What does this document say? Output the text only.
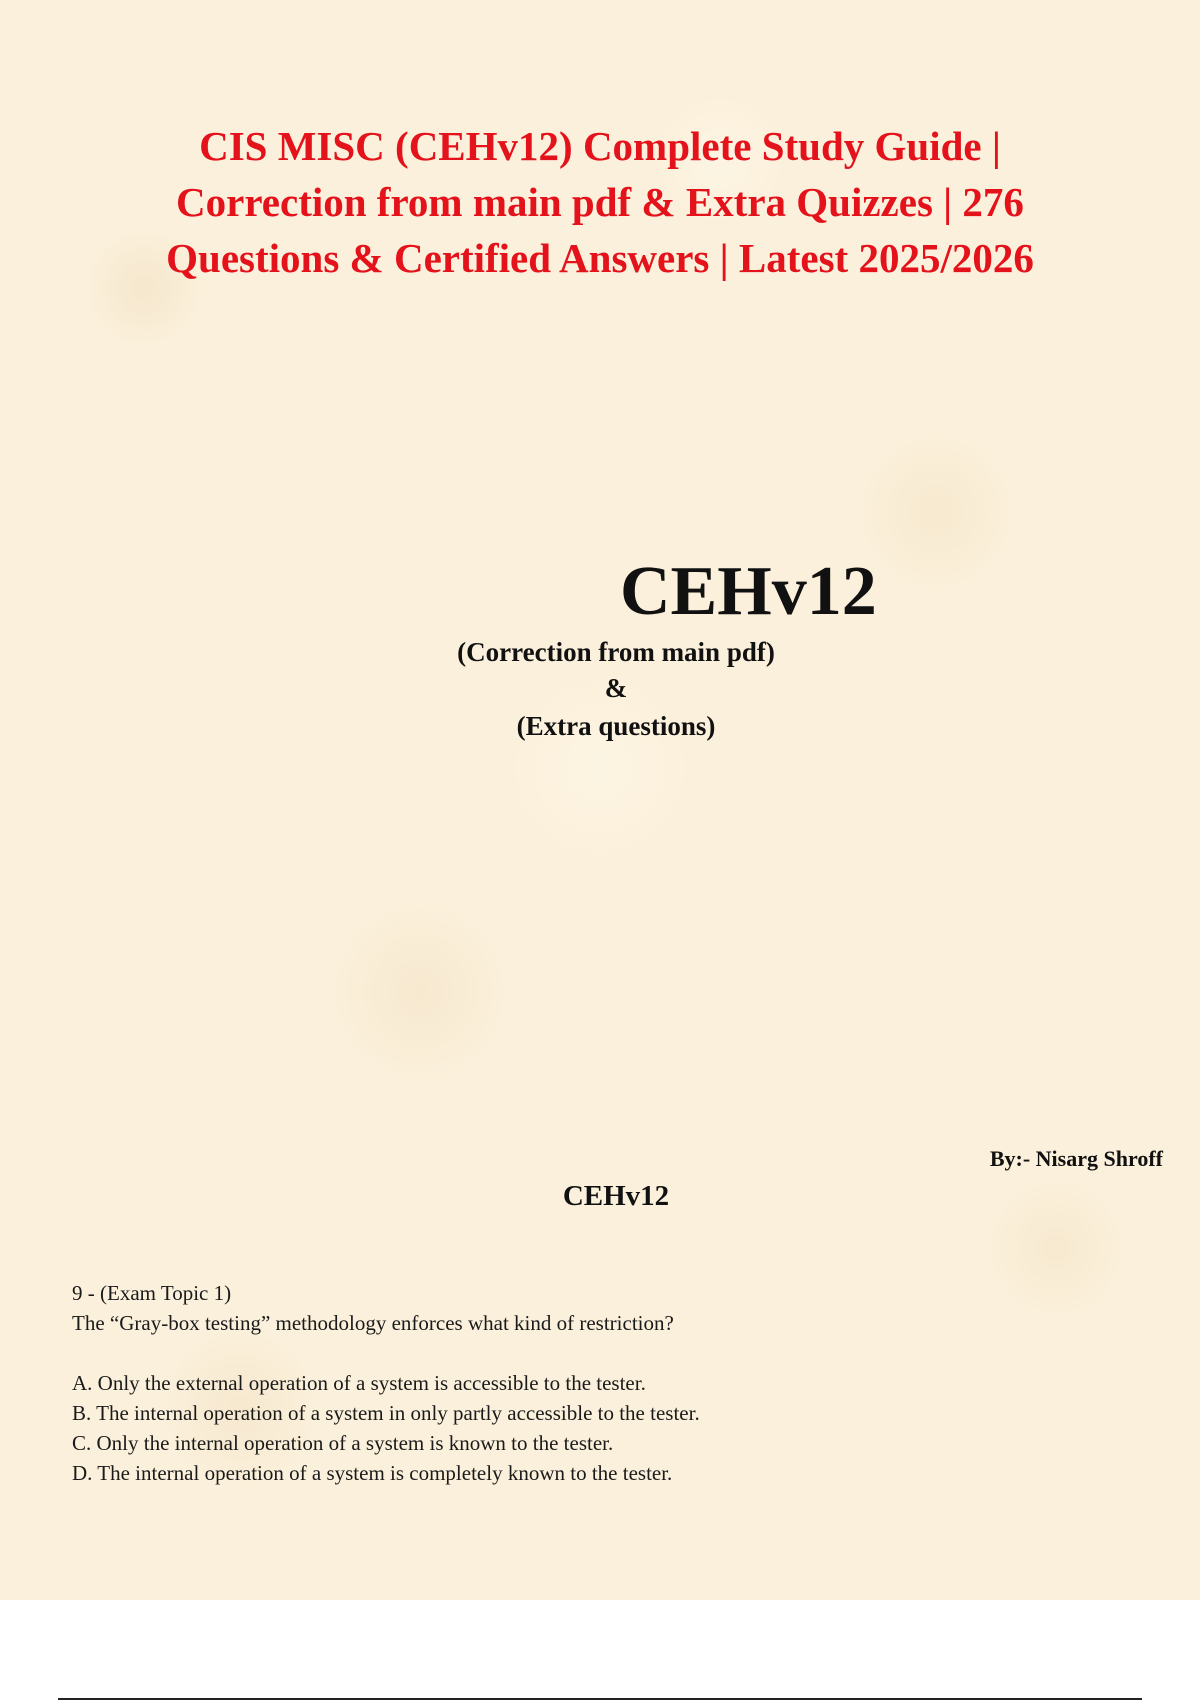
CIS MISC (CEHv12) Complete Study Guide |
Correction from main pdf & Extra Quizzes | 276
Questions & Certified Answers | Latest 2025/2026
CEHv12
(Correction from main pdf)
&
(Extra questions)
By:- Nisarg Shroff
CEHv12
9 - (Exam Topic 1)
The “Gray-box testing” methodology enforces what kind of restriction?
A. Only the external operation of a system is accessible to the tester.
B. The internal operation of a system in only partly accessible to the tester.
C. Only the internal operation of a system is known to the tester.
D. The internal operation of a system is completely known to the tester.
